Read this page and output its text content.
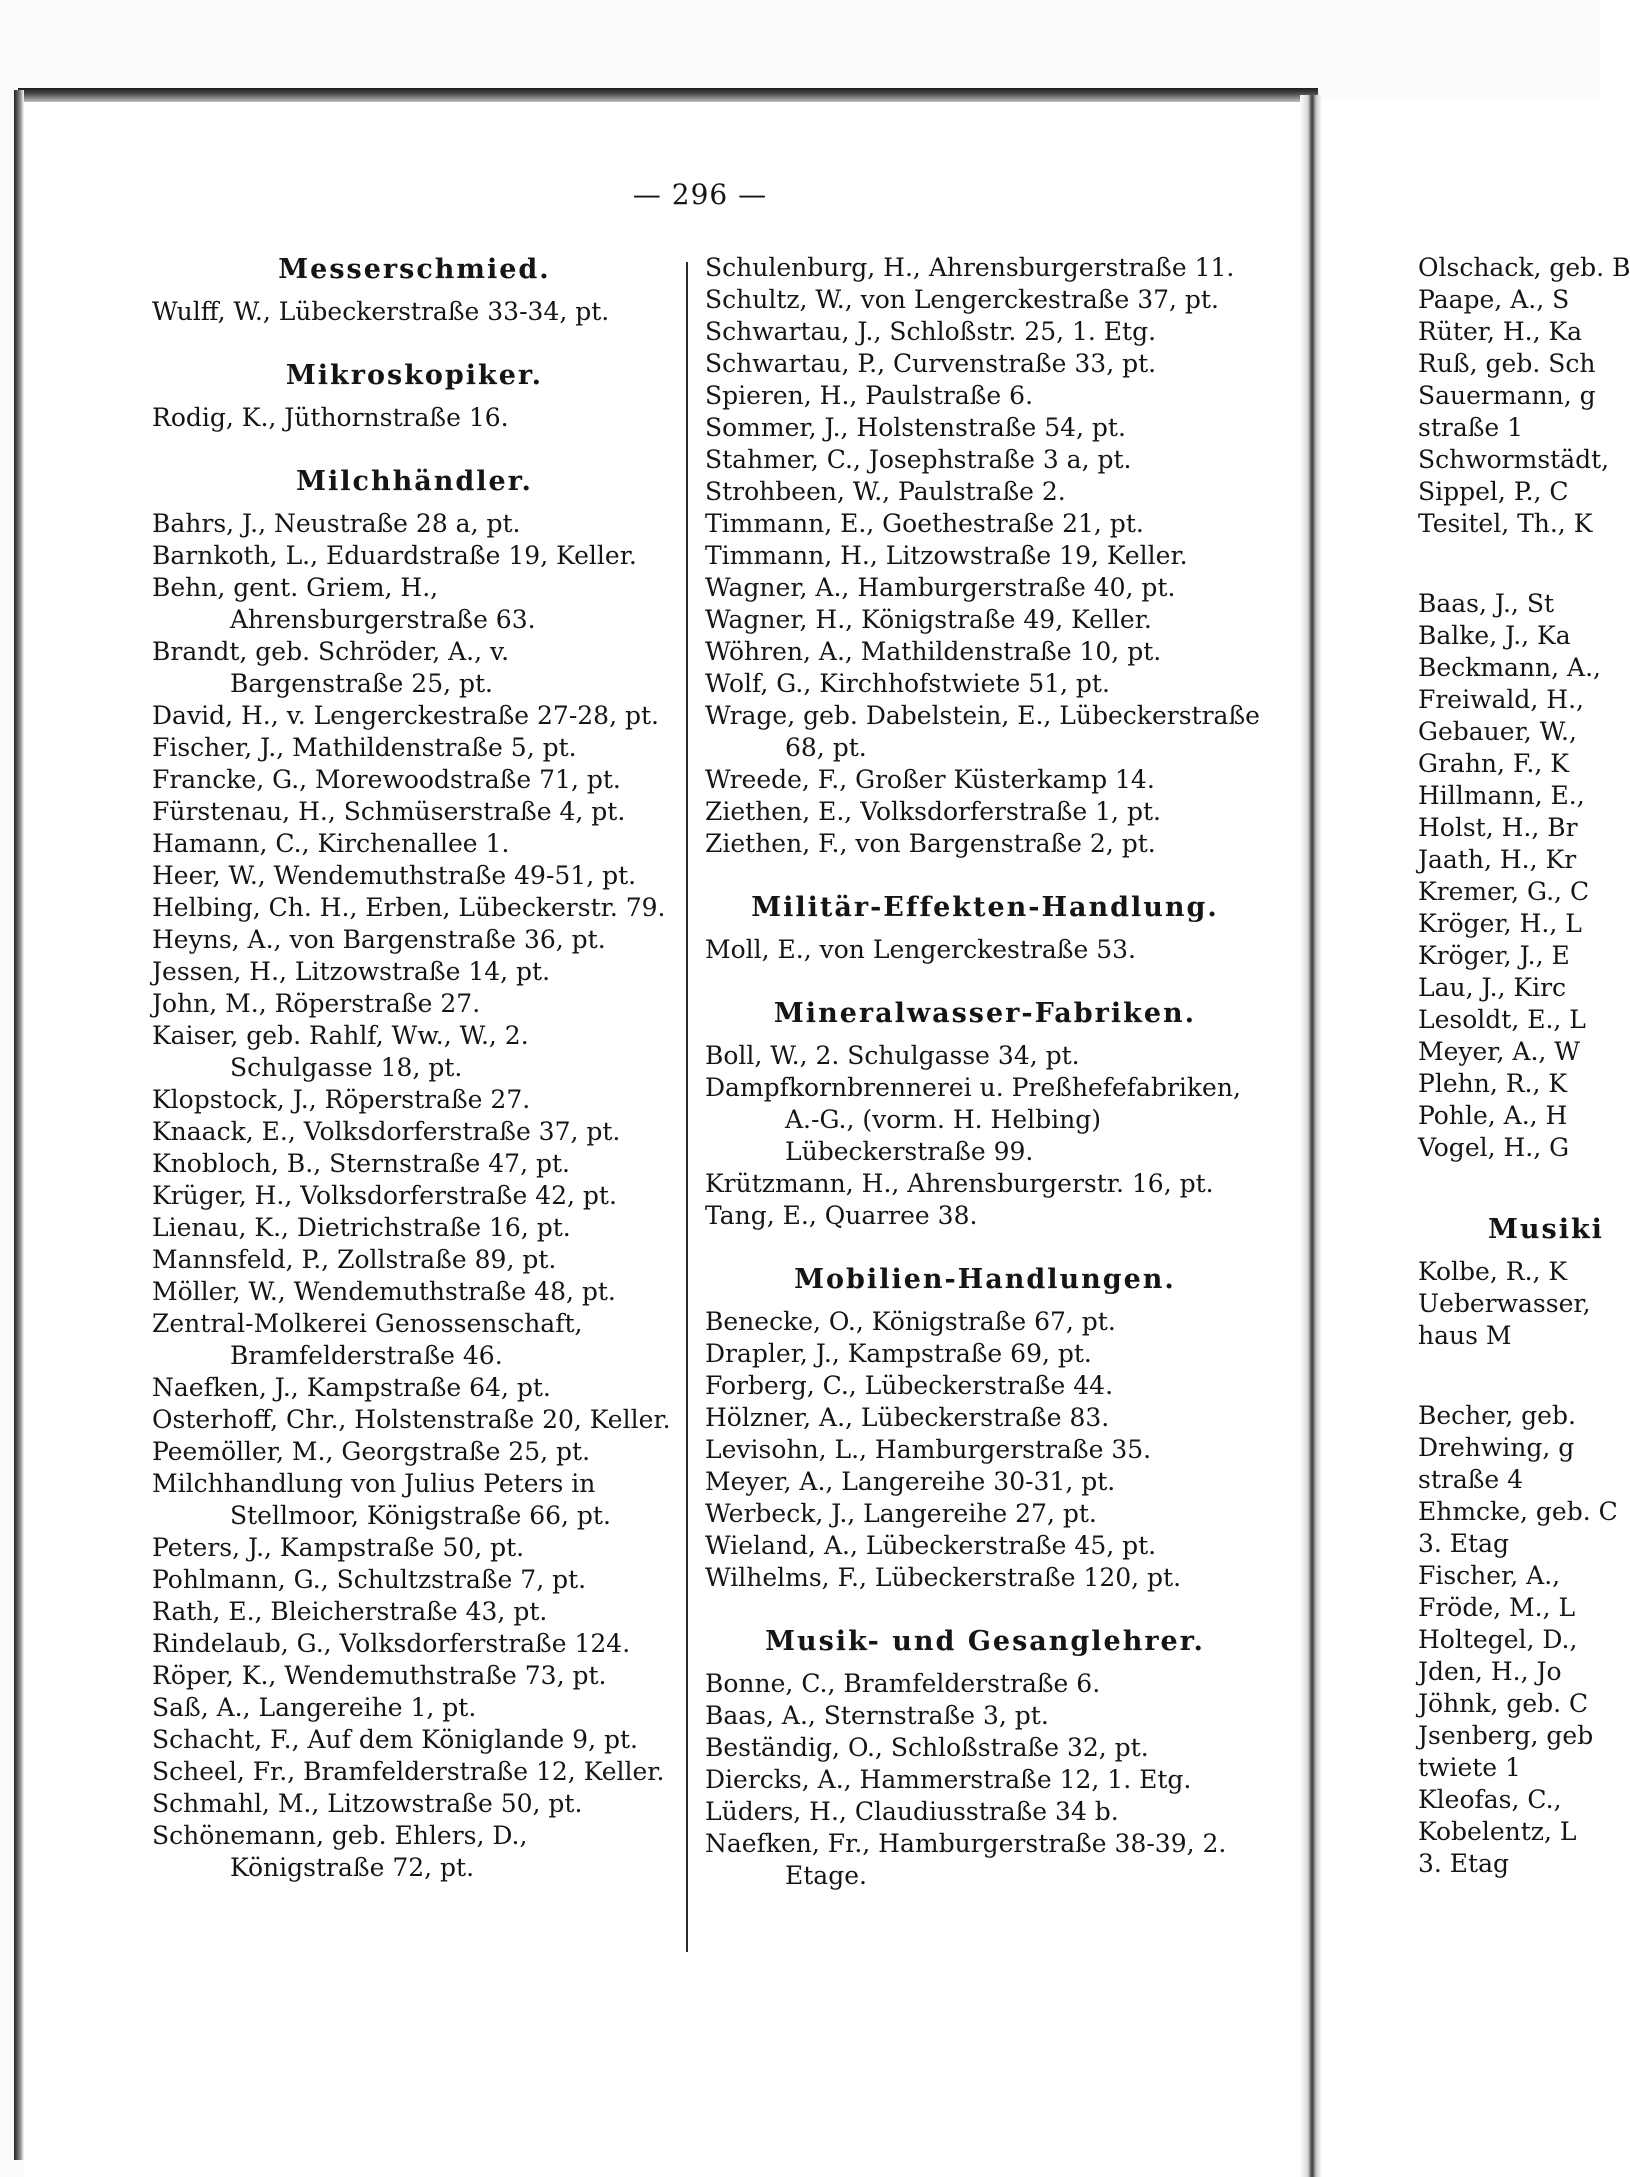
— 296 —
Messerschmied.
Wulff, W., Lübeckerstraße 33-34, pt.
Mikroskopiker.
Rodig, K., Jüthornstraße 16.
Milchhändler.
Bahrs, J., Neustraße 28 a, pt.
Barnkoth, L., Eduardstraße 19, Keller.
Behn, gent. Griem, H., Ahrensburgerstraße 63.
Brandt, geb. Schröder, A., v. Bargenstraße 25, pt.
David, H., v. Lengerckestraße 27-28, pt.
Fischer, J., Mathildenstraße 5, pt.
Francke, G., Morewoodstraße 71, pt.
Fürstenau, H., Schmüserstraße 4, pt.
Hamann, C., Kirchenallee 1.
Heer, W., Wendemuthstraße 49-51, pt.
Helbing, Ch. H., Erben, Lübeckerstr. 79.
Heyns, A., von Bargenstraße 36, pt.
Jessen, H., Litzowstraße 14, pt.
John, M., Röperstraße 27.
Kaiser, geb. Rahlf, Ww., W., 2. Schulgasse 18, pt.
Klopstock, J., Röperstraße 27.
Knaack, E., Volksdorferstraße 37, pt.
Knobloch, B., Sternstraße 47, pt.
Krüger, H., Volksdorferstraße 42, pt.
Lienau, K., Dietrichstraße 16, pt.
Mannsfeld, P., Zollstraße 89, pt.
Möller, W., Wendemuthstraße 48, pt.
Zentral-Molkerei Genossenschaft, Bramfelderstraße 46.
Naefken, J., Kampstraße 64, pt.
Osterhoff, Chr., Holstenstraße 20, Keller.
Peemöller, M., Georgstraße 25, pt.
Milchhandlung von Julius Peters in Stellmoor, Königstraße 66, pt.
Peters, J., Kampstraße 50, pt.
Pohlmann, G., Schultzstraße 7, pt.
Rath, E., Bleicherstraße 43, pt.
Rindelaub, G., Volksdorferstraße 124.
Röper, K., Wendemuthstraße 73, pt.
Saß, A., Langereihe 1, pt.
Schacht, F., Auf dem Königlande 9, pt.
Scheel, Fr., Bramfelderstraße 12, Keller.
Schmahl, M., Litzowstraße 50, pt.
Schönemann, geb. Ehlers, D., Königstraße 72, pt.
Schulenburg, H., Ahrensburgerstraße 11.
Schultz, W., von Lengerckestraße 37, pt.
Schwartau, J., Schloßstr. 25, 1. Etg.
Schwartau, P., Curvenstraße 33, pt.
Spieren, H., Paulstraße 6.
Sommer, J., Holstenstraße 54, pt.
Stahmer, C., Josephstraße 3 a, pt.
Strohbeen, W., Paulstraße 2.
Timmann, E., Goethestraße 21, pt.
Timmann, H., Litzowstraße 19, Keller.
Wagner, A., Hamburgerstraße 40, pt.
Wagner, H., Königstraße 49, Keller.
Wöhren, A., Mathildenstraße 10, pt.
Wolf, G., Kirchhofstwiete 51, pt.
Wrage, geb. Dabelstein, E., Lübeckerstraße 68, pt.
Wreede, F., Großer Küsterkamp 14.
Ziethen, E., Volksdorferstraße 1, pt.
Ziethen, F., von Bargenstraße 2, pt.
Militär-Effekten-Handlung.
Moll, E., von Lengerckestraße 53.
Mineralwasser-Fabriken.
Boll, W., 2. Schulgasse 34, pt.
Dampfkornbrennerei u. Preßhefefabriken, A.-G., (vorm. H. Helbing) Lübeckerstraße 99.
Krützmann, H., Ahrensburgerstr. 16, pt.
Tang, E., Quarree 38.
Mobilien-Handlungen.
Benecke, O., Königstraße 67, pt.
Drapler, J., Kampstraße 69, pt.
Forberg, C., Lübeckerstraße 44.
Hölzner, A., Lübeckerstraße 83.
Levisohn, L., Hamburgerstraße 35.
Meyer, A., Langereihe 30-31, pt.
Werbeck, J., Langereihe 27, pt.
Wieland, A., Lübeckerstraße 45, pt.
Wilhelms, F., Lübeckerstraße 120, pt.
Musik- und Gesanglehrer.
Bonne, C., Bramfelderstraße 6.
Baas, A., Sternstraße 3, pt.
Beständig, O., Schloßstraße 32, pt.
Diercks, A., Hammerstraße 12, 1. Etg.
Lüders, H., Claudiusstraße 34 b.
Naefken, Fr., Hamburgerstraße 38-39, 2. Etage.
Olschack, geb. B
Paape, A., S
Rüter, H., Ka
Ruß, geb. Sch
Sauermann, g
straße 1
Schwormstädt,
Sippel, P., C
Tesitel, Th., K
Baas, J., St
Balke, J., Ka
Beckmann, A.,
Freiwald, H.,
Gebauer, W.,
Grahn, F., K
Hillmann, E.,
Holst, H., Br
Jaath, H., Kr
Kremer, G., C
Kröger, H., L
Kröger, J., E
Lau, J., Kirc
Lesoldt, E., L
Meyer, A., W
Plehn, R., K
Pohle, A., H
Vogel, H., G
Musiki
Kolbe, R., K
Ueberwasser,
haus M
Becher, geb.
Drehwing, g
straße 4
Ehmcke, geb. C
3. Etag
Fischer, A.,
Fröde, M., L
Holtegel, D.,
Jden, H., Jo
Jöhnk, geb. C
Jsenberg, geb
twiete 1
Kleofas, C.,
Kobelentz, L
3. Etag
